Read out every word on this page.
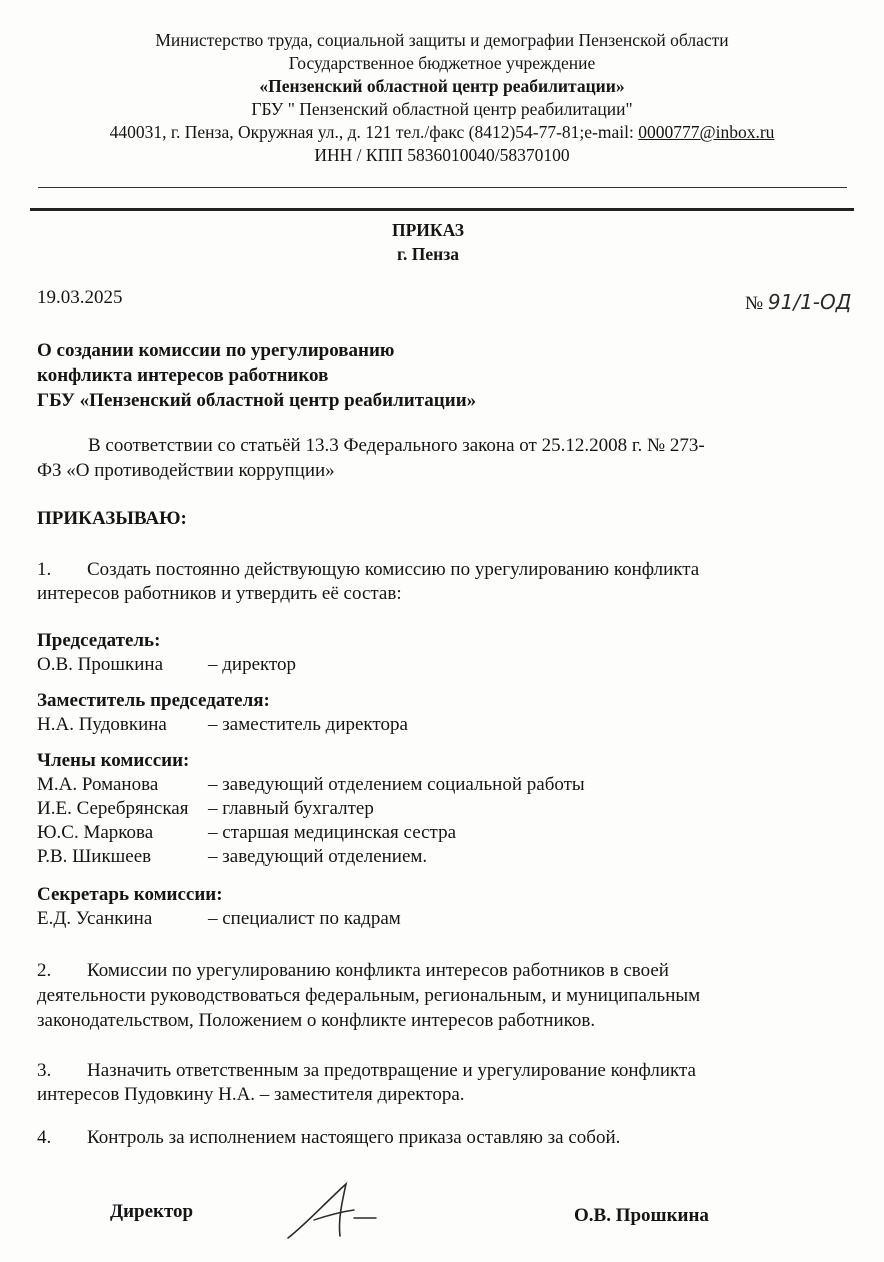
Министерство труда, социальной защиты и демографии Пензенской области
Государственное бюджетное учреждение
«Пензенский областной центр реабилитации»
ГБУ " Пензенский областной центр реабилитации"
440031, г. Пенза, Окружная ул., д. 121 тел./факс (8412)54-77-81;e-mail: 0000777@inbox.ru
ИНН / КПП 5836010040/58370100
ПРИКАЗ
г. Пенза
19.03.2025	№ 91/1-ОД
О создании комиссии по урегулированию
конфликта интересов работников
ГБУ «Пензенский областной центр реабилитации»
В соответствии со статьёй 13.3 Федерального закона от 25.12.2008 г. № 273-
ФЗ «О противодействии коррупции»
ПРИКАЗЫВАЮ:
1. Создать постоянно действующую комиссию по урегулированию конфликта
интересов работников и утвердить её состав:
Председатель:
О.В. Прошкина – директор
Заместитель председателя:
Н.А. Пудовкина – заместитель директора
Члены комиссии:
М.А. Романова	– заведующий отделением социальной работы
И.Е. Серебрянская – главный бухгалтер
Ю.С. Маркова	– старшая медицинская сестра
Р.В. Шикшеев	– заведующий отделением.
Секретарь комиссии:
Е.Д. Усанкина	– специалист по кадрам
2. Комиссии по урегулированию конфликта интересов работников в своей
деятельности руководствоваться федеральным, региональным, и муниципальным
законодательством, Положением о конфликте интересов работников.
3. Назначить ответственным за предотвращение и урегулирование конфликта
интересов Пудовкину Н.А. – заместителя директора.
4. Контроль за исполнением настоящего приказа оставляю за собой.
Директор	О.В. Прошкина
